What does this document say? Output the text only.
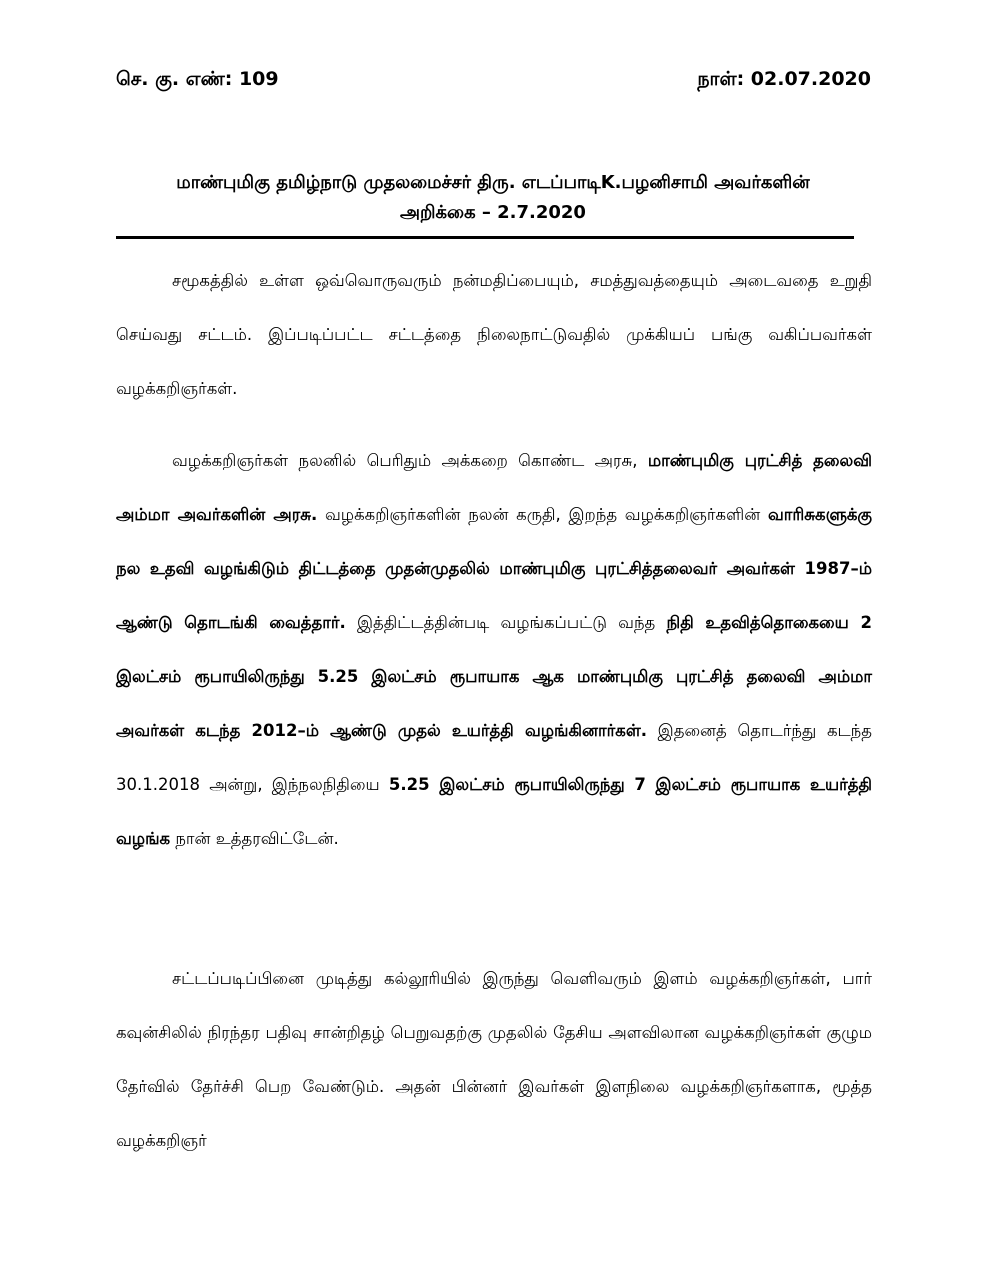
செ. கு. எண்: 109	நாள்: 02.07.2020
மாண்புமிகு தமிழ்நாடு முதலமைச்சர் திரு. எடப்பாடிK.பழனிசாமி அவர்களின்
அறிக்கை – 2.7.2020

சமூகத்தில் உள்ள ஒவ்வொருவரும் நன்மதிப்பையும், சமத்துவத்தையும் அடைவதை உறுதி செய்வது சட்டம். இப்படிப்பட்ட சட்டத்தை நிலைநாட்டுவதில் முக்கியப் பங்கு வகிப்பவர்கள் வழக்கறிஞர்கள்.

வழக்கறிஞர்கள் நலனில் பெரிதும் அக்கறை கொண்ட அரசு, மாண்புமிகு புரட்சித் தலைவி அம்மா அவர்களின் அரசு. வழக்கறிஞர்களின் நலன் கருதி, இறந்த வழக்கறிஞர்களின் வாரிசுகளுக்கு நல உதவி வழங்கிடும் திட்டத்தை முதன்முதலில் மாண்புமிகு புரட்சித்தலைவர் அவர்கள் 1987–ம் ஆண்டு தொடங்கி வைத்தார். இத்திட்டத்தின்படி வழங்கப்பட்டு வந்த நிதி உதவித்தொகையை 2 இலட்சம் ரூபாயிலிருந்து 5.25 இலட்சம் ரூபாயாக ஆக மாண்புமிகு புரட்சித் தலைவி அம்மா அவர்கள் கடந்த 2012–ம் ஆண்டு முதல் உயர்த்தி வழங்கினார்கள். இதனைத் தொடர்ந்து கடந்த 30.1.2018 அன்று, இந்நலநிதியை 5.25 இலட்சம் ரூபாயிலிருந்து 7 இலட்சம் ரூபாயாக உயர்த்தி வழங்க நான் உத்தரவிட்டேன்.

சட்டப்படிப்பினை முடித்து கல்லூரியில் இருந்து வெளிவரும் இளம் வழக்கறிஞர்கள், பார் கவுன்சிலில் நிரந்தர பதிவு சான்றிதழ் பெறுவதற்கு முதலில் தேசிய அளவிலான வழக்கறிஞர்கள் குழும தேர்வில் தேர்ச்சி பெற வேண்டும். அதன் பின்னர் இவர்கள் இளநிலை வழக்கறிஞர்களாக, மூத்த வழக்கறிஞர்
